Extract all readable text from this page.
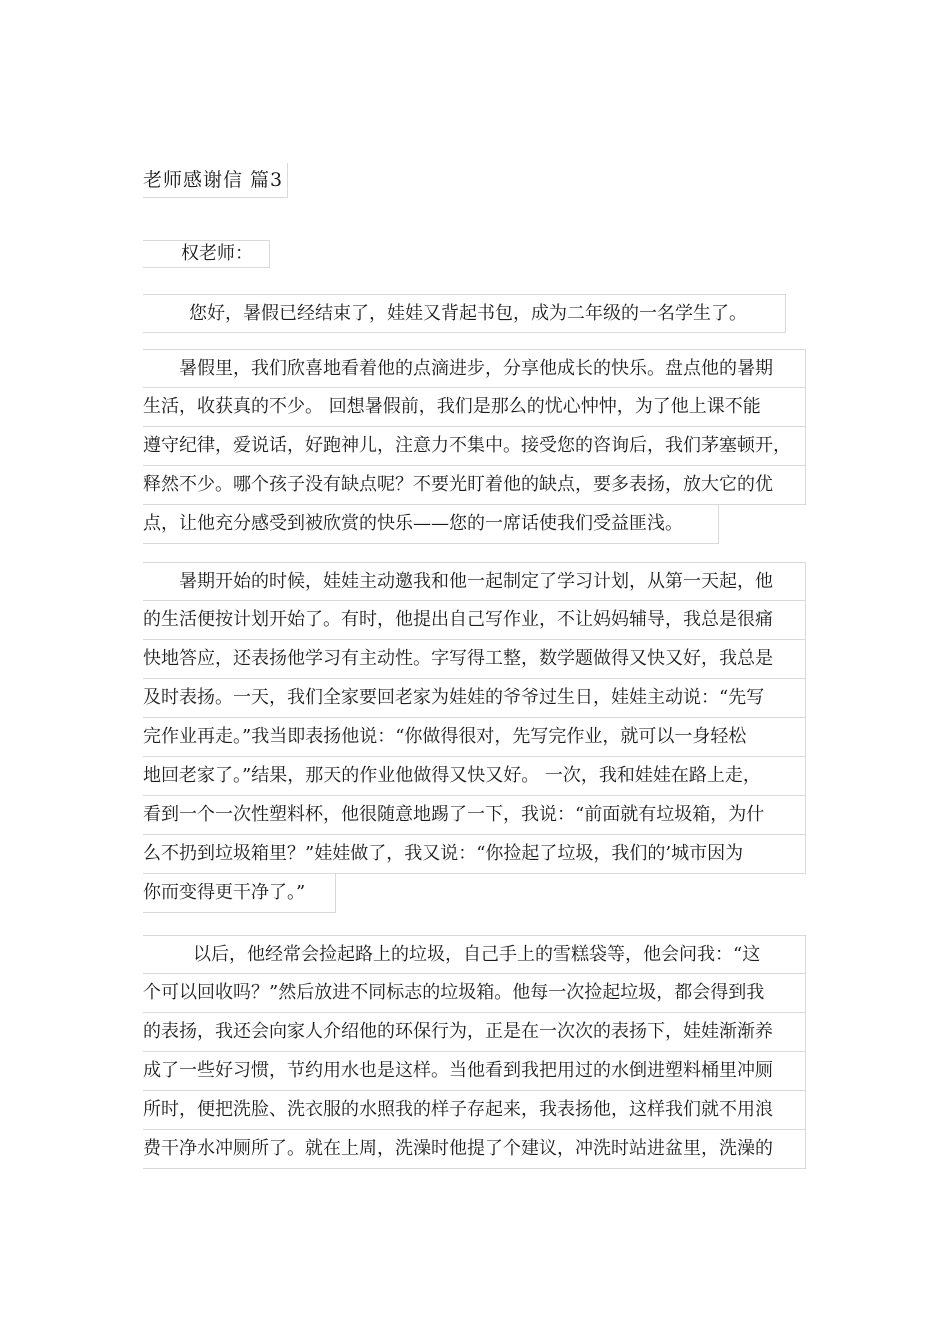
老师感谢信 篇3
权老师：
您好，暑假已经结束了，娃娃又背起书包，成为二年级的一名学生了。
暑假里，我们欣喜地看着他的点滴进步，分享他成长的快乐。盘点他的暑期
生活，收获真的不少。 回想暑假前，我们是那么的忧心忡忡，为了他上课不能
遵守纪律，爱说话，好跑神儿，注意力不集中。接受您的咨询后，我们茅塞顿开，
释然不少。哪个孩子没有缺点呢？不要光盯着他的缺点，要多表扬，放大它的优
点，让他充分感受到被欣赏的快乐——您的一席话使我们受益匪浅。
暑期开始的时候，娃娃主动邀我和他一起制定了学习计划，从第一天起，他
的生活便按计划开始了。有时，他提出自己写作业，不让妈妈辅导，我总是很痛
快地答应，还表扬他学习有主动性。字写得工整，数学题做得又快又好，我总是
及时表扬。一天，我们全家要回老家为娃娃的爷爷过生日，娃娃主动说：“先写
完作业再走。”我当即表扬他说：“你做得很对，先写完作业，就可以一身轻松
地回老家了。”结果，那天的作业他做得又快又好。 一次，我和娃娃在路上走，
看到一个一次性塑料杯，他很随意地踢了一下，我说：“前面就有垃圾箱，为什
么不扔到垃圾箱里？”娃娃做了，我又说：“你捡起了垃圾，我们的’城市因为
你而变得更干净了。”
以后，他经常会捡起路上的垃圾，自己手上的雪糕袋等，他会问我：“这
个可以回收吗？”然后放进不同标志的垃圾箱。他每一次捡起垃圾，都会得到我
的表扬，我还会向家人介绍他的环保行为，正是在一次次的表扬下，娃娃渐渐养
成了一些好习惯，节约用水也是这样。当他看到我把用过的水倒进塑料桶里冲厕
所时，便把洗脸、洗衣服的水照我的样子存起来，我表扬他，这样我们就不用浪
费干净水冲厕所了。就在上周，洗澡时他提了个建议，冲洗时站进盆里，洗澡的
